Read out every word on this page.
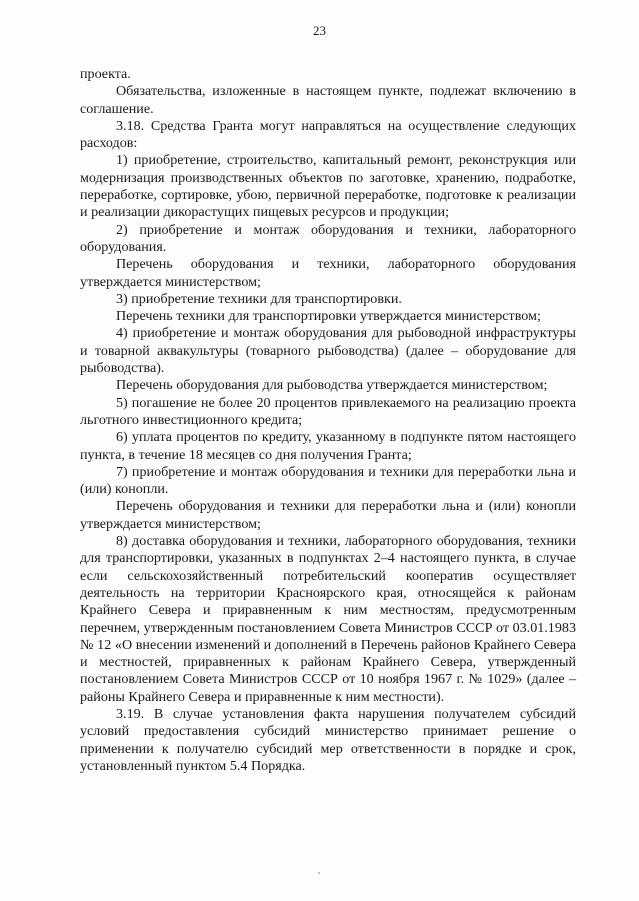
23

проекта.

Обязательства, изложенные в настоящем пункте, подлежат включению в соглашение.

3.18. Средства Гранта могут направляться на осуществление следующих расходов:

1) приобретение, строительство, капитальный ремонт, реконструкция или модернизация производственных объектов по заготовке, хранению, подработке, переработке, сортировке, убою, первичной переработке, подготовке к реализации и реализации дикорастущих пищевых ресурсов и продукции;

2) приобретение и монтаж оборудования и техники, лабораторного оборудования.

Перечень оборудования и техники, лабораторного оборудования утверждается министерством;

3) приобретение техники для транспортировки.

Перечень техники для транспортировки утверждается министерством;

4) приобретение и монтаж оборудования для рыбоводной инфраструктуры и товарной аквакультуры (товарного рыбоводства) (далее – оборудование для рыбоводства).

Перечень оборудования для рыбоводства утверждается министерством;

5) погашение не более 20 процентов привлекаемого на реализацию проекта льготного инвестиционного кредита;

6) уплата процентов по кредиту, указанному в подпункте пятом настоящего пункта, в течение 18 месяцев со дня получения Гранта;

7) приобретение и монтаж оборудования и техники для переработки льна и (или) конопли.

Перечень оборудования и техники для переработки льна и (или) конопли утверждается министерством;

8) доставка оборудования и техники, лабораторного оборудования, техники для транспортировки, указанных в подпунктах 2–4 настоящего пункта, в случае если сельскохозяйственный потребительский кооператив осуществляет деятельность на территории Красноярского края, относящейся к районам Крайнего Севера и приравненным к ним местностям, предусмотренным перечнем, утвержденным постановлением Совета Министров СССР от 03.01.1983 № 12 «О внесении изменений и дополнений в Перечень районов Крайнего Севера и местностей, приравненных к районам Крайнего Севера, утвержденный постановлением Совета Министров СССР от 10 ноября 1967 г. № 1029» (далее – районы Крайнего Севера и приравненные к ним местности).

3.19. В случае установления факта нарушения получателем субсидий условий предоставления субсидий министерство принимает решение о применении к получателю субсидий мер ответственности в порядке и срок, установленный пунктом 5.4 Порядка.
